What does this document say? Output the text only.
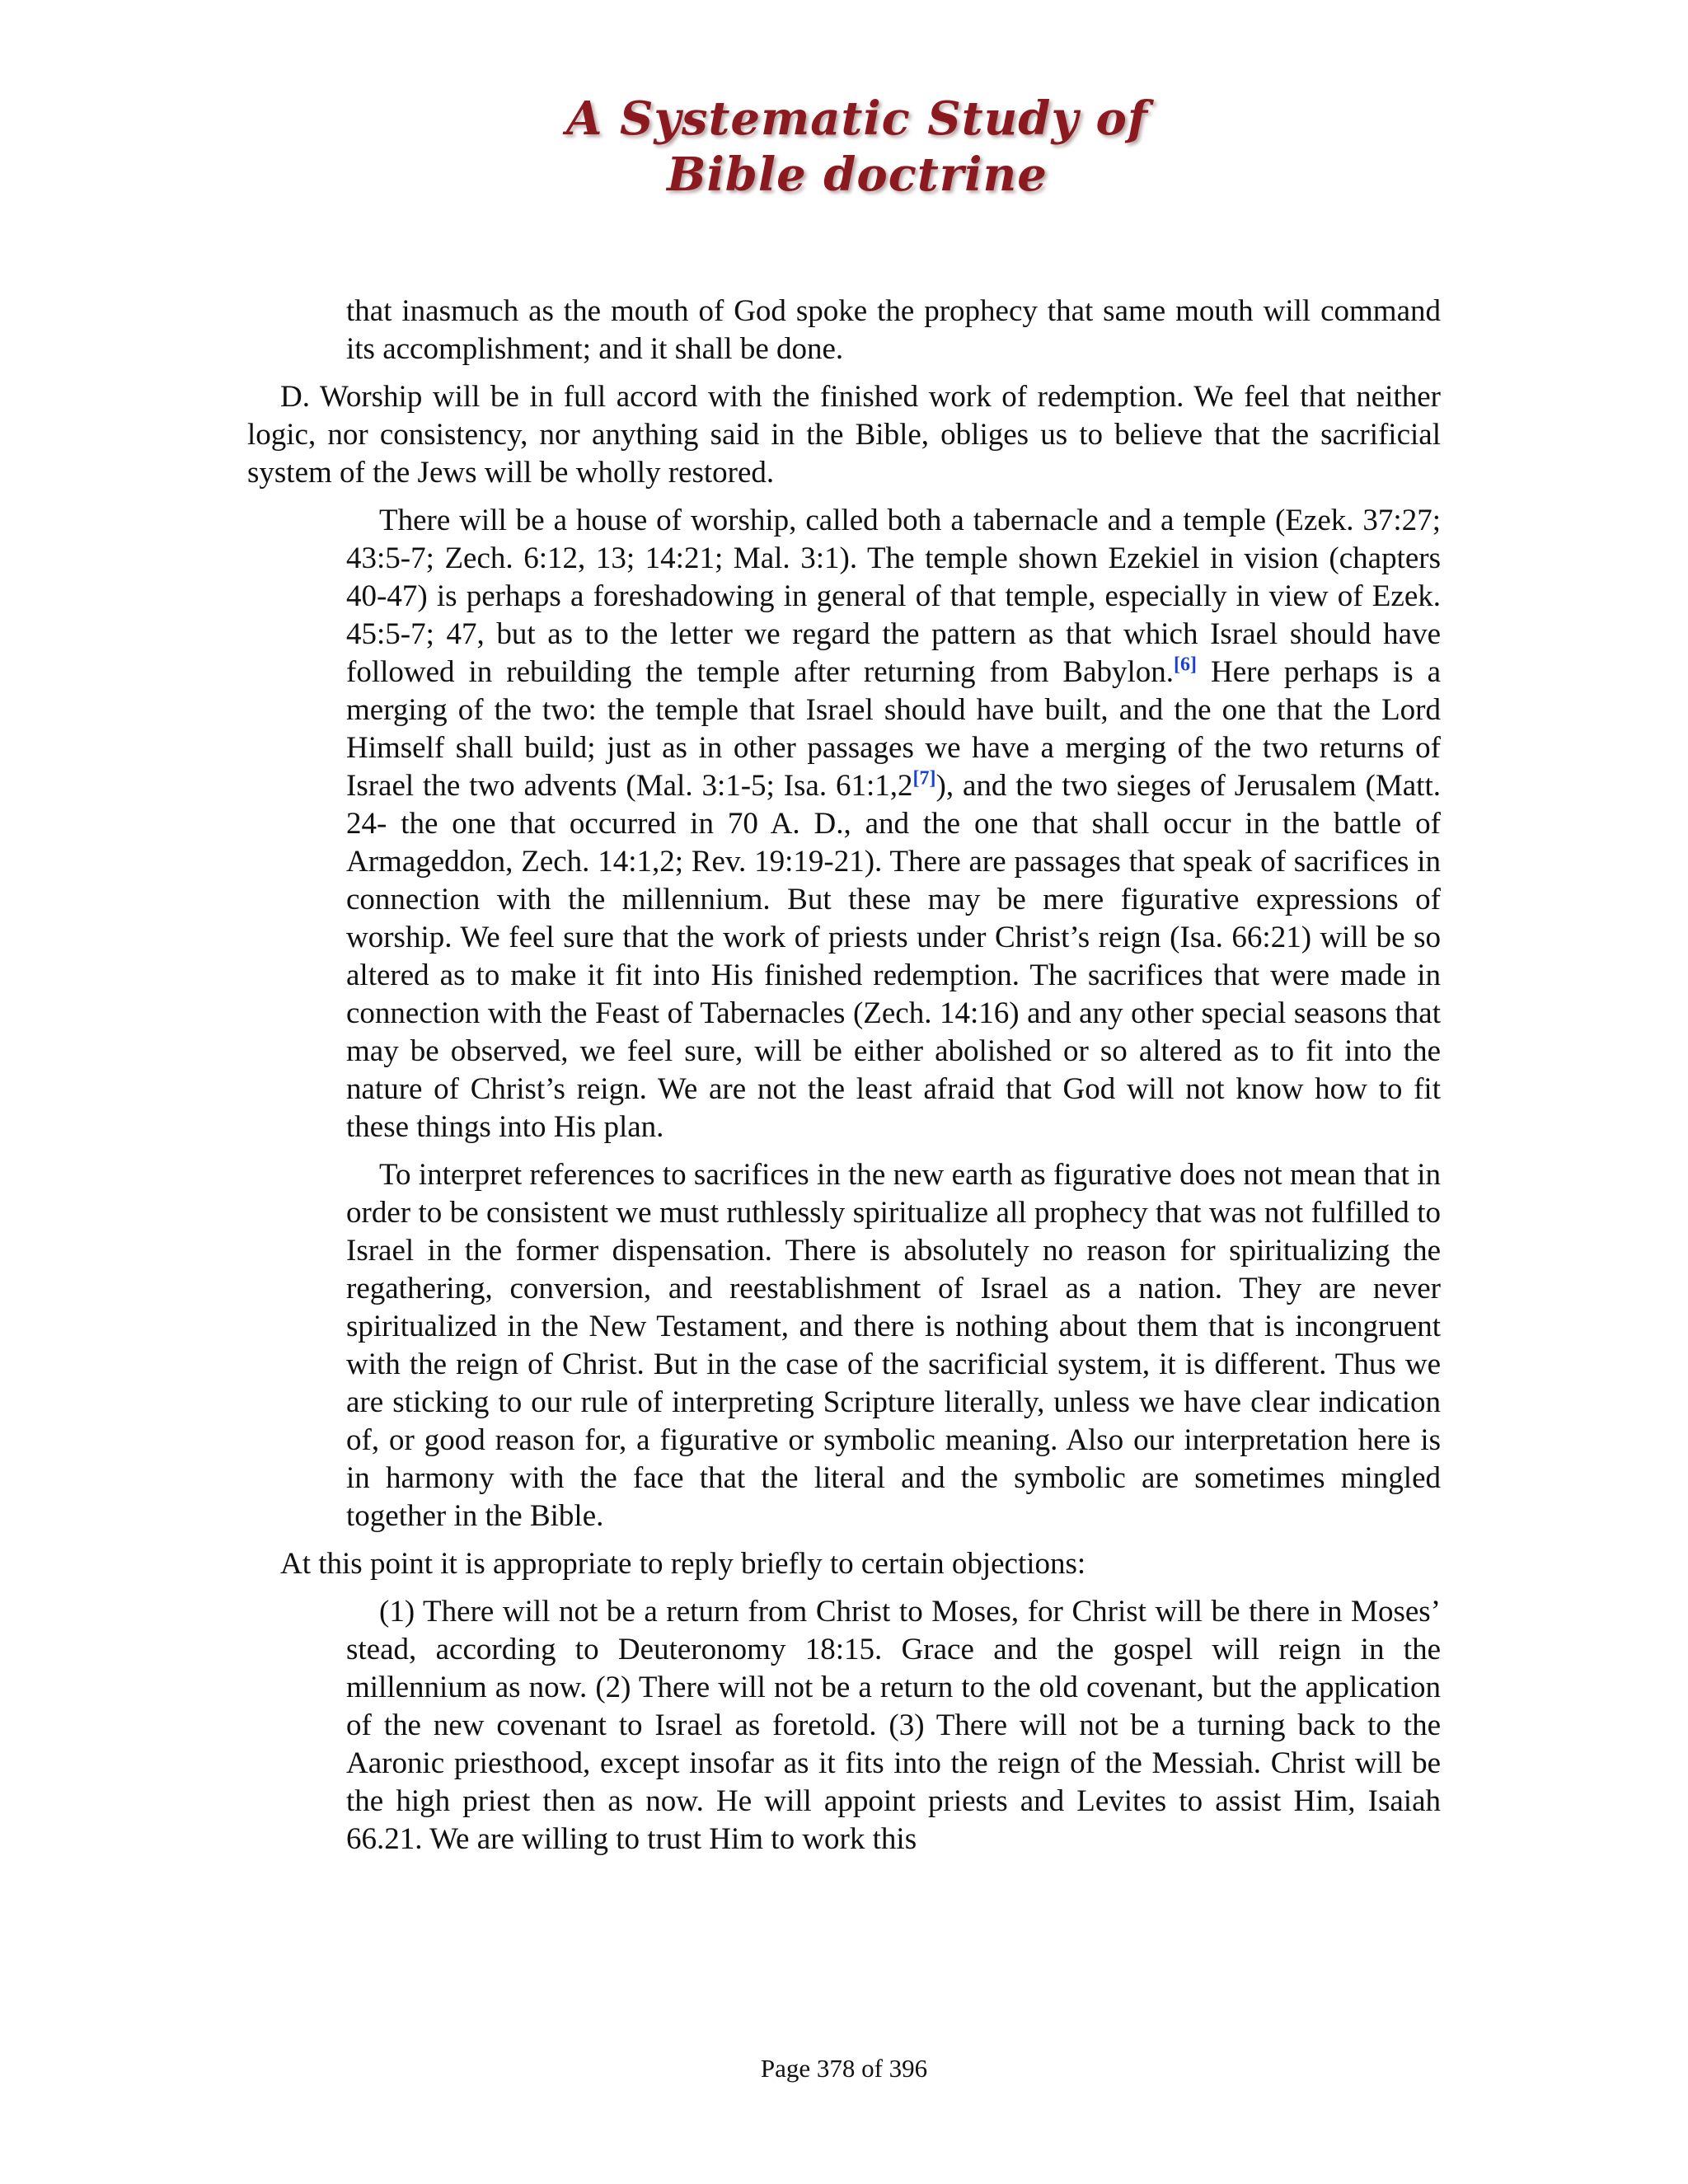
A Systematic Study of
Bible doctrine

that inasmuch as the mouth of God spoke the prophecy that same mouth will command its accomplishment; and it shall be done.

D. Worship will be in full accord with the finished work of redemption. We feel that neither logic, nor consistency, nor anything said in the Bible, obliges us to believe that the sacrificial system of the Jews will be wholly restored.

There will be a house of worship, called both a tabernacle and a temple (Ezek. 37:27; 43:5-7; Zech. 6:12, 13; 14:21; Mal. 3:1). The temple shown Ezekiel in vision (chapters 40-47) is perhaps a foreshadowing in general of that temple, especially in view of Ezek. 45:5-7; 47, but as to the letter we regard the pattern as that which Israel should have followed in rebuilding the temple after returning from Babylon.[6] Here perhaps is a merging of the two: the temple that Israel should have built, and the one that the Lord Himself shall build; just as in other passages we have a merging of the two returns of Israel the two advents (Mal. 3:1-5; Isa. 61:1,2[7]), and the two sieges of Jerusalem (Matt. 24- the one that occurred in 70 A. D., and the one that shall occur in the battle of Armageddon, Zech. 14:1,2; Rev. 19:19-21). There are passages that speak of sacrifices in connection with the millennium. But these may be mere figurative expressions of worship. We feel sure that the work of priests under Christ’s reign (Isa. 66:21) will be so altered as to make it fit into His finished redemption. The sacrifices that were made in connection with the Feast of Tabernacles (Zech. 14:16) and any other special seasons that may be observed, we feel sure, will be either abolished or so altered as to fit into the nature of Christ’s reign. We are not the least afraid that God will not know how to fit these things into His plan.

To interpret references to sacrifices in the new earth as figurative does not mean that in order to be consistent we must ruthlessly spiritualize all prophecy that was not fulfilled to Israel in the former dispensation. There is absolutely no reason for spiritualizing the regathering, conversion, and reestablishment of Israel as a nation. They are never spiritualized in the New Testament, and there is nothing about them that is incongruent with the reign of Christ. But in the case of the sacrificial system, it is different. Thus we are sticking to our rule of interpreting Scripture literally, unless we have clear indication of, or good reason for, a figurative or symbolic meaning. Also our interpretation here is in harmony with the face that the literal and the symbolic are sometimes mingled together in the Bible.

At this point it is appropriate to reply briefly to certain objections:

(1) There will not be a return from Christ to Moses, for Christ will be there in Moses’ stead, according to Deuteronomy 18:15. Grace and the gospel will reign in the millennium as now. (2) There will not be a return to the old covenant, but the application of the new covenant to Israel as foretold. (3) There will not be a turning back to the Aaronic priesthood, except insofar as it fits into the reign of the Messiah. Christ will be the high priest then as now. He will appoint priests and Levites to assist Him, Isaiah 66.21. We are willing to trust Him to work this

Page 378 of 396
